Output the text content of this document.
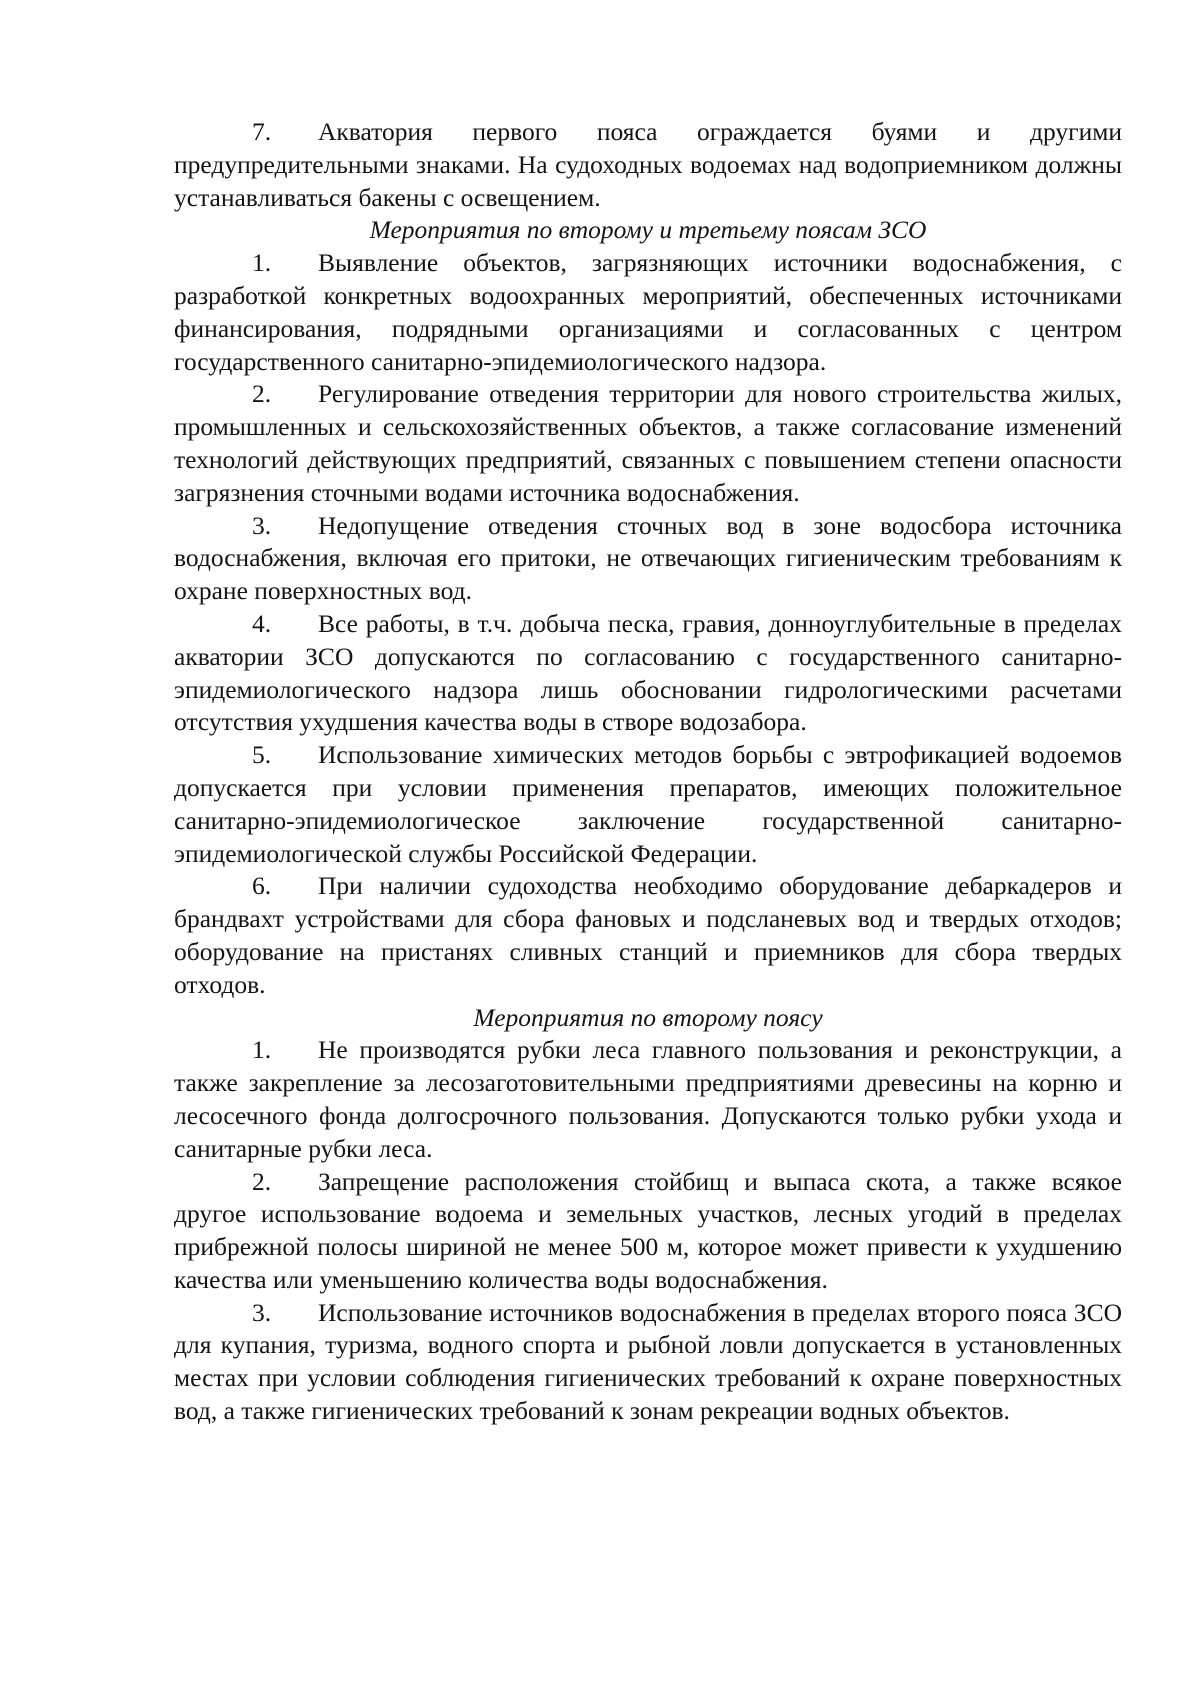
7. Акватория первого пояса ограждается буями и другими предупредительными знаками. На судоходных водоемах над водоприемником должны устанавливаться бакены с освещением.

Мероприятия по второму и третьему поясам ЗСО

1. Выявление объектов, загрязняющих источники водоснабжения, с разработкой конкретных водоохранных мероприятий, обеспеченных источниками финансирования, подрядными организациями и согласованных с центром государственного санитарно-эпидемиологического надзора.

2. Регулирование отведения территории для нового строительства жилых, промышленных и сельскохозяйственных объектов, а также согласование изменений технологий действующих предприятий, связанных с повышением степени опасности загрязнения сточными водами источника водоснабжения.

3. Недопущение отведения сточных вод в зоне водосбора источника водоснабжения, включая его притоки, не отвечающих гигиеническим требованиям к охране поверхностных вод.

4. Все работы, в т.ч. добыча песка, гравия, донноуглубительные в пределах акватории ЗСО допускаются по согласованию с государственного санитарно-эпидемиологического надзора лишь обосновании гидрологическими расчетами отсутствия ухудшения качества воды в створе водозабора.

5. Использование химических методов борьбы с эвтрофикацией водоемов допускается при условии применения препаратов, имеющих положительное санитарно-эпидемиологическое заключение государственной санитарно-эпидемиологической службы Российской Федерации.

6. При наличии судоходства необходимо оборудование дебаркадеров и брандвахт устройствами для сбора фановых и подсланевых вод и твердых отходов; оборудование на пристанях сливных станций и приемников для сбора твердых отходов.

Мероприятия по второму поясу

1. Не производятся рубки леса главного пользования и реконструкции, а также закрепление за лесозаготовительными предприятиями древесины на корню и лесосечного фонда долгосрочного пользования. Допускаются только рубки ухода и санитарные рубки леса.

2. Запрещение расположения стойбищ и выпаса скота, а также всякое другое использование водоема и земельных участков, лесных угодий в пределах прибрежной полосы шириной не менее 500 м, которое может привести к ухудшению качества или уменьшению количества воды водоснабжения.

3. Использование источников водоснабжения в пределах второго пояса ЗСО для купания, туризма, водного спорта и рыбной ловли допускается в установленных местах при условии соблюдения гигиенических требований к охране поверхностных вод, а также гигиенических требований к зонам рекреации водных объектов.
